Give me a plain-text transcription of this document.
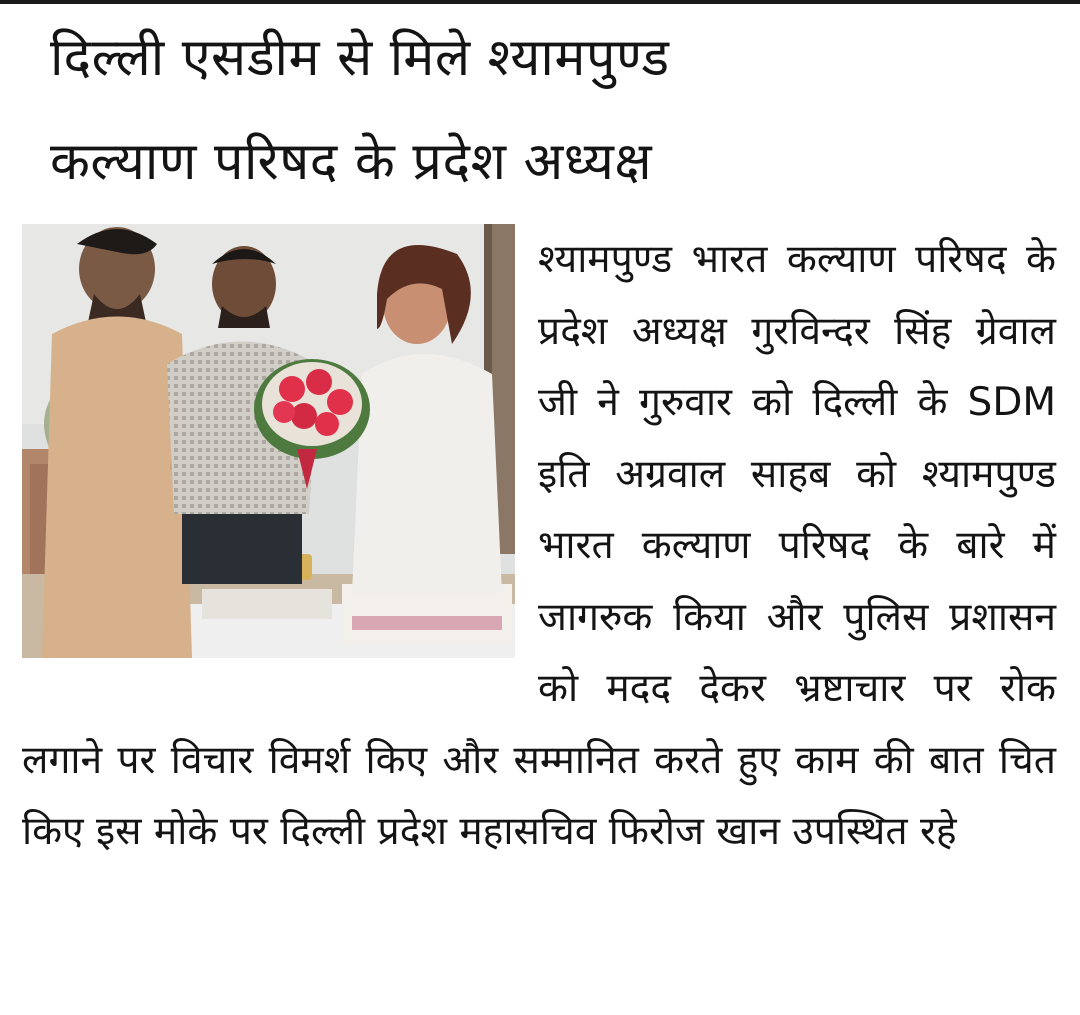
दिल्ली एसडीम से मिले श्यामपुण्ड
कल्याण परिषद के प्रदेश अध्यक्ष

श्यामपुण्ड भारत कल्याण परिषद के प्रदेश अध्यक्ष गुरविन्दर सिंह ग्रेवाल जी ने गुरुवार को दिल्ली के SDM इति अग्रवाल साहब को श्यामपुण्ड भारत कल्याण परिषद के बारे में जागरुक किया और पुलिस प्रशासन को मदद देकर भ्रष्टाचार पर रोक लगाने पर विचार विमर्श किए और सम्मानित करते हुए काम की बात चित किए इस मोके पर दिल्ली प्रदेश महासचिव फिरोज खान उपस्थित रहे
